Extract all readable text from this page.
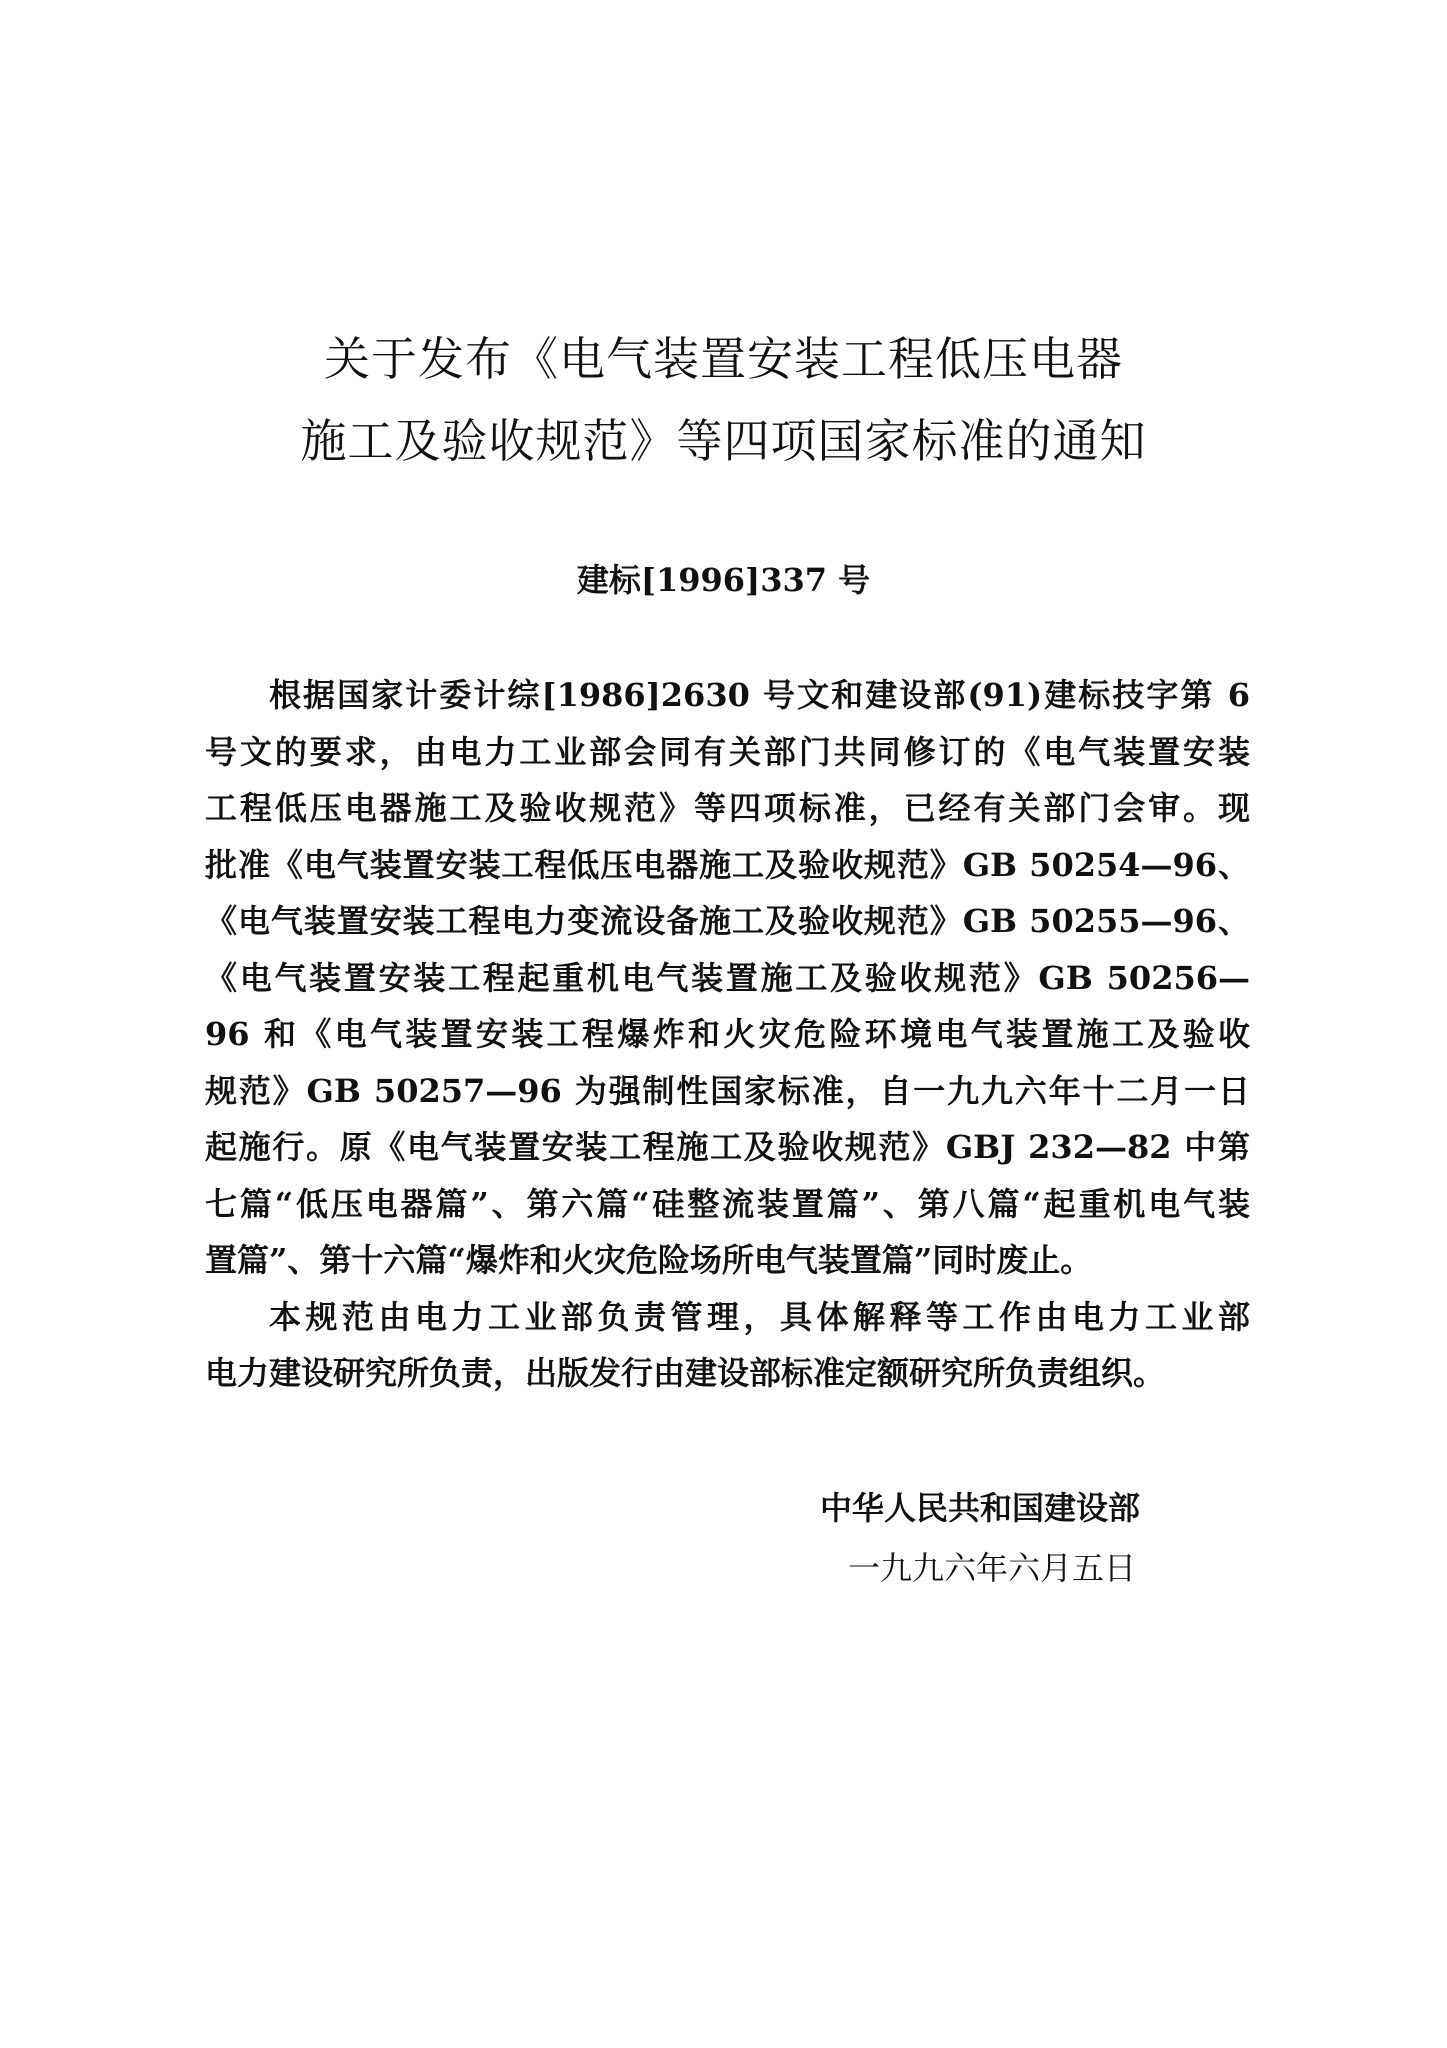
关于发布《电气装置安装工程低压电器
施工及验收规范》等四项国家标准的通知
建标[1996]337 号
根据国家计委计综[1986]2630 号文和建设部(91)建标技字第 6
号文的要求，由电力工业部会同有关部门共同修订的《电气装置安装
工程低压电器施工及验收规范》等四项标准，已经有关部门会审。现
批准《电气装置安装工程低压电器施工及验收规范》GB 50254—96、
《电气装置安装工程电力变流设备施工及验收规范》GB 50255—96、
《电气装置安装工程起重机电气装置施工及验收规范》GB 50256—
96 和《电气装置安装工程爆炸和火灾危险环境电气装置施工及验收
规范》GB 50257—96 为强制性国家标准，自一九九六年十二月一日
起施行。原《电气装置安装工程施工及验收规范》GBJ 232—82 中第
七篇“低压电器篇”、第六篇“硅整流装置篇”、第八篇“起重机电气装
置篇”、第十六篇“爆炸和火灾危险场所电气装置篇”同时废止。
本规范由电力工业部负责管理，具体解释等工作由电力工业部
电力建设研究所负责，出版发行由建设部标准定额研究所负责组织。
中华人民共和国建设部
一九九六年六月五日
